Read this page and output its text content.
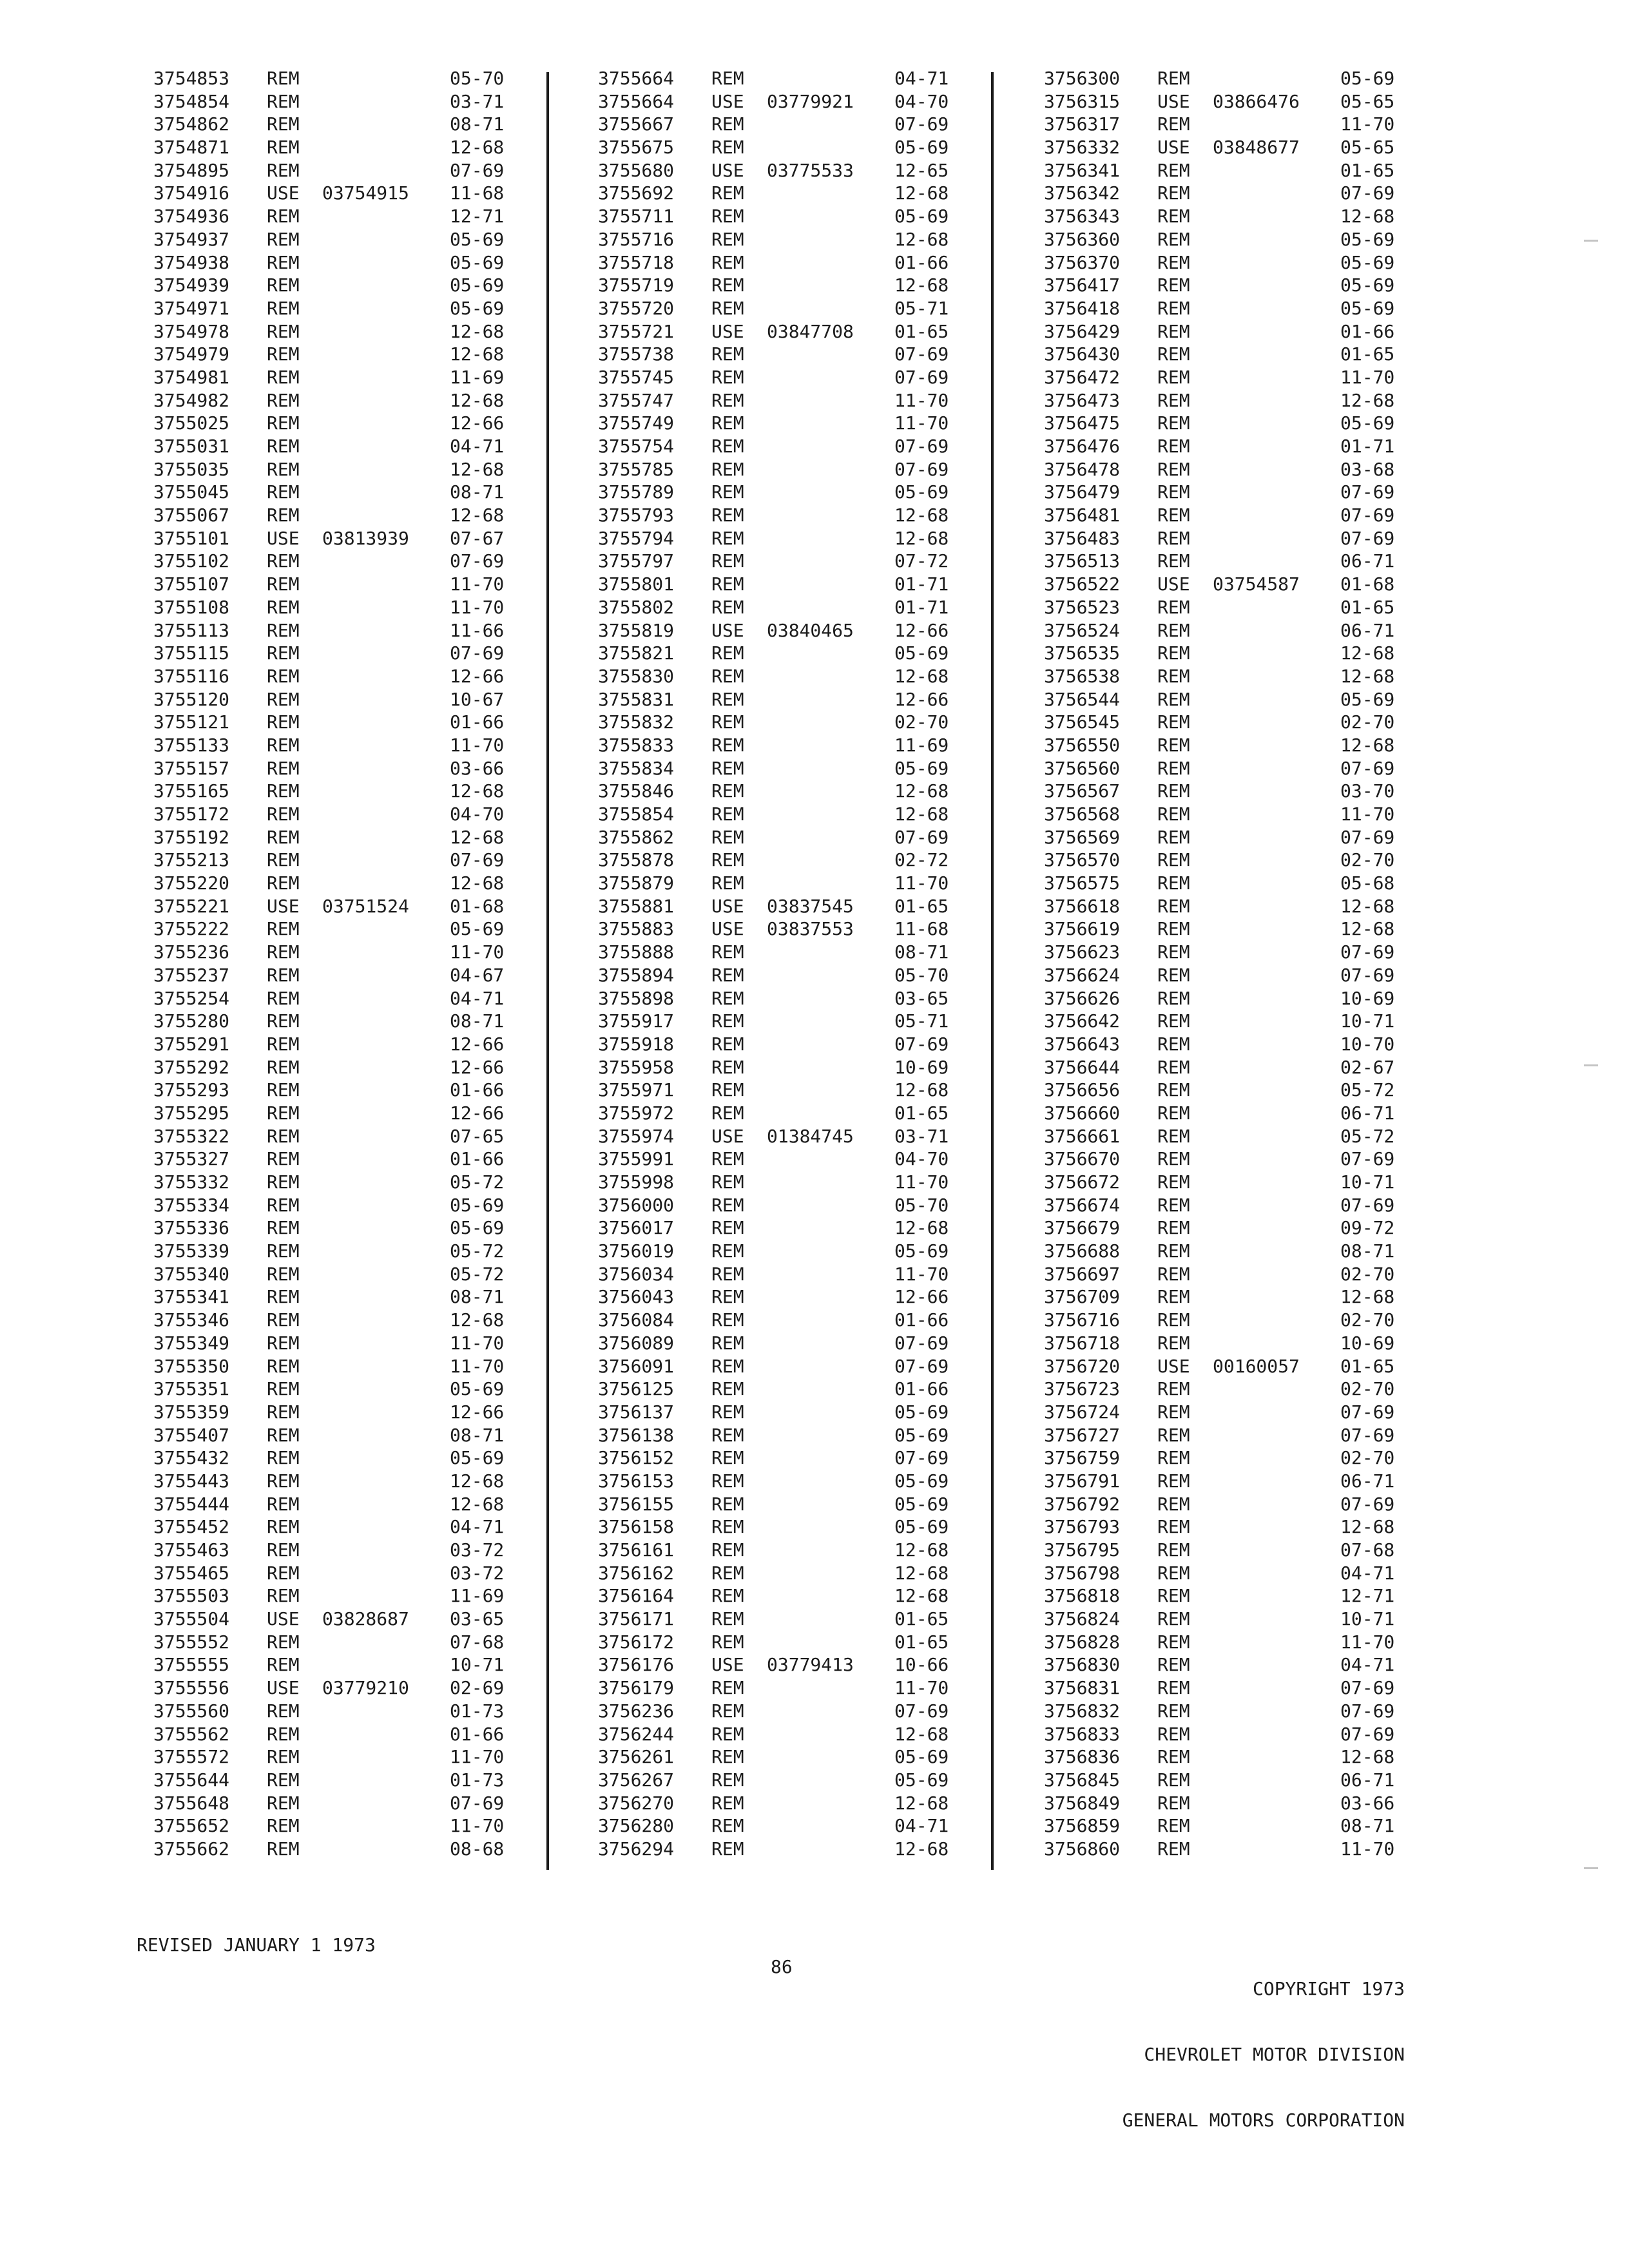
3754853 REM	05-70
3754854 REM	03-71
3754862 REM	08-71
3754871 REM	12-68
3754895 REM	07-69
3754916 USE 03754915 11-68
3754936 REM	12-71
3754937 REM	05-69
3754938 REM	05-69
3754939 REM	05-69
3754971 REM	05-69
3754978 REM	12-68
3754979 REM	12-68
3754981 REM	11-69
3754982 REM	12-68
3755025 REM	12-66
3755031 REM	04-71
3755035 REM	12-68
3755045 REM	08-71
3755067 REM	12-68
3755101 USE 03813939 07-67
3755102 REM	07-69
3755107 REM	11-70
3755108 REM	11-70
3755113 REM	11-66
3755115 REM	07-69
3755116 REM	12-66
3755120 REM	10-67
3755121 REM	01-66
3755133 REM	11-70
3755157 REM	03-66
3755165 REM	12-68
3755172 REM	04-70
3755192 REM	12-68
3755213 REM	07-69
3755220 REM	12-68
3755221 USE 03751524 01-68
3755222 REM	05-69
3755236 REM	11-70
3755237 REM	04-67
3755254 REM	04-71
3755280 REM	08-71
3755291 REM	12-66
3755292 REM	12-66
3755293 REM	01-66
3755295 REM	12-66
3755322 REM	07-65
3755327 REM	01-66
3755332 REM	05-72
3755334 REM	05-69
3755336 REM	05-69
3755339 REM	05-72
3755340 REM	05-72
3755341 REM	08-71
3755346 REM	12-68
3755349 REM	11-70
3755350 REM	11-70
3755351 REM	05-69
3755359 REM	12-66
3755407 REM	08-71
3755432 REM	05-69
3755443 REM	12-68
3755444 REM	12-68
3755452 REM	04-71
3755463 REM	03-72
3755465 REM	03-72
3755503 REM	11-69
3755504 USE 03828687 03-65
3755552 REM	07-68
3755555 REM	10-71
3755556 USE 03779210 02-69
3755560 REM	01-73
3755562 REM	01-66
3755572 REM	11-70
3755644 REM	01-73
3755648 REM	07-69
3755652 REM	11-70
3755662 REM	08-68
3755664 REM	04-71
3755664 USE 03779921 04-70
3755667 REM	07-69
3755675 REM	05-69
3755680 USE 03775533 12-65
3755692 REM	12-68
3755711 REM	05-69
3755716 REM	12-68
3755718 REM	01-66
3755719 REM	12-68
3755720 REM	05-71
3755721 USE 03847708 01-65
3755738 REM	07-69
3755745 REM	07-69
3755747 REM	11-70
3755749 REM	11-70
3755754 REM	07-69
3755785 REM	07-69
3755789 REM	05-69
3755793 REM	12-68
3755794 REM	12-68
3755797 REM	07-72
3755801 REM	01-71
3755802 REM	01-71
3755819 USE 03840465 12-66
3755821 REM	05-69
3755830 REM	12-68
3755831 REM	12-66
3755832 REM	02-70
3755833 REM	11-69
3755834 REM	05-69
3755846 REM	12-68
3755854 REM	12-68
3755862 REM	07-69
3755878 REM	02-72
3755879 REM	11-70
3755881 USE 03837545 01-65
3755883 USE 03837553 11-68
3755888 REM	08-71
3755894 REM	05-70
3755898 REM	03-65
3755917 REM	05-71
3755918 REM	07-69
3755958 REM	10-69
3755971 REM	12-68
3755972 REM	01-65
3755974 USE 01384745 03-71
3755991 REM	04-70
3755998 REM	11-70
3756000 REM	05-70
3756017 REM	12-68
3756019 REM	05-69
3756034 REM	11-70
3756043 REM	12-66
3756084 REM	01-66
3756089 REM	07-69
3756091 REM	07-69
3756125 REM	01-66
3756137 REM	05-69
3756138 REM	05-69
3756152 REM	07-69
3756153 REM	05-69
3756155 REM	05-69
3756158 REM	05-69
3756161 REM	12-68
3756162 REM	12-68
3756164 REM	12-68
3756171 REM	01-65
3756172 REM	01-65
3756176 USE 03779413 10-66
3756179 REM	11-70
3756236 REM	07-69
3756244 REM	12-68
3756261 REM	05-69
3756267 REM	05-69
3756270 REM	12-68
3756280 REM	04-71
3756294 REM	12-68
3756300 REM	05-69
3756315 USE 03866476 05-65
3756317 REM	11-70
3756332 USE 03848677 05-65
3756341 REM	01-65
3756342 REM	07-69
3756343 REM	12-68
3756360 REM	05-69
3756370 REM	05-69
3756417 REM	05-69
3756418 REM	05-69
3756429 REM	01-66
3756430 REM	01-65
3756472 REM	11-70
3756473 REM	12-68
3756475 REM	05-69
3756476 REM	01-71
3756478 REM	03-68
3756479 REM	07-69
3756481 REM	07-69
3756483 REM	07-69
3756513 REM	06-71
3756522 USE 03754587 01-68
3756523 REM	01-65
3756524 REM	06-71
3756535 REM	12-68
3756538 REM	12-68
3756544 REM	05-69
3756545 REM	02-70
3756550 REM	12-68
3756560 REM	07-69
3756567 REM	03-70
3756568 REM	11-70
3756569 REM	07-69
3756570 REM	02-70
3756575 REM	05-68
3756618 REM	12-68
3756619 REM	12-68
3756623 REM	07-69
3756624 REM	07-69
3756626 REM	10-69
3756642 REM	10-71
3756643 REM	10-70
3756644 REM	02-67
3756656 REM	05-72
3756660 REM	06-71
3756661 REM	05-72
3756670 REM	07-69
3756672 REM	10-71
3756674 REM	07-69
3756679 REM	09-72
3756688 REM	08-71
3756697 REM	02-70
3756709 REM	12-68
3756716 REM	02-70
3756718 REM	10-69
3756720 USE 00160057 01-65
3756723 REM	02-70
3756724 REM	07-69
3756727 REM	07-69
3756759 REM	02-70
3756791 REM	06-71
3756792 REM	07-69
3756793 REM	12-68
3756795 REM	07-68
3756798 REM	04-71
3756818 REM	12-71
3756824 REM	10-71
3756828 REM	11-70
3756830 REM	04-71
3756831 REM	07-69
3756832 REM	07-69
3756833 REM	07-69
3756836 REM	12-68
3756845 REM	06-71
3756849 REM	03-66
3756859 REM	08-71
3756860 REM	11-70
REVISED JANUARY 1 1973
86

COPYRIGHT 1973

CHEVROLET MOTOR DIVISION

GENERAL MOTORS CORPORATION
